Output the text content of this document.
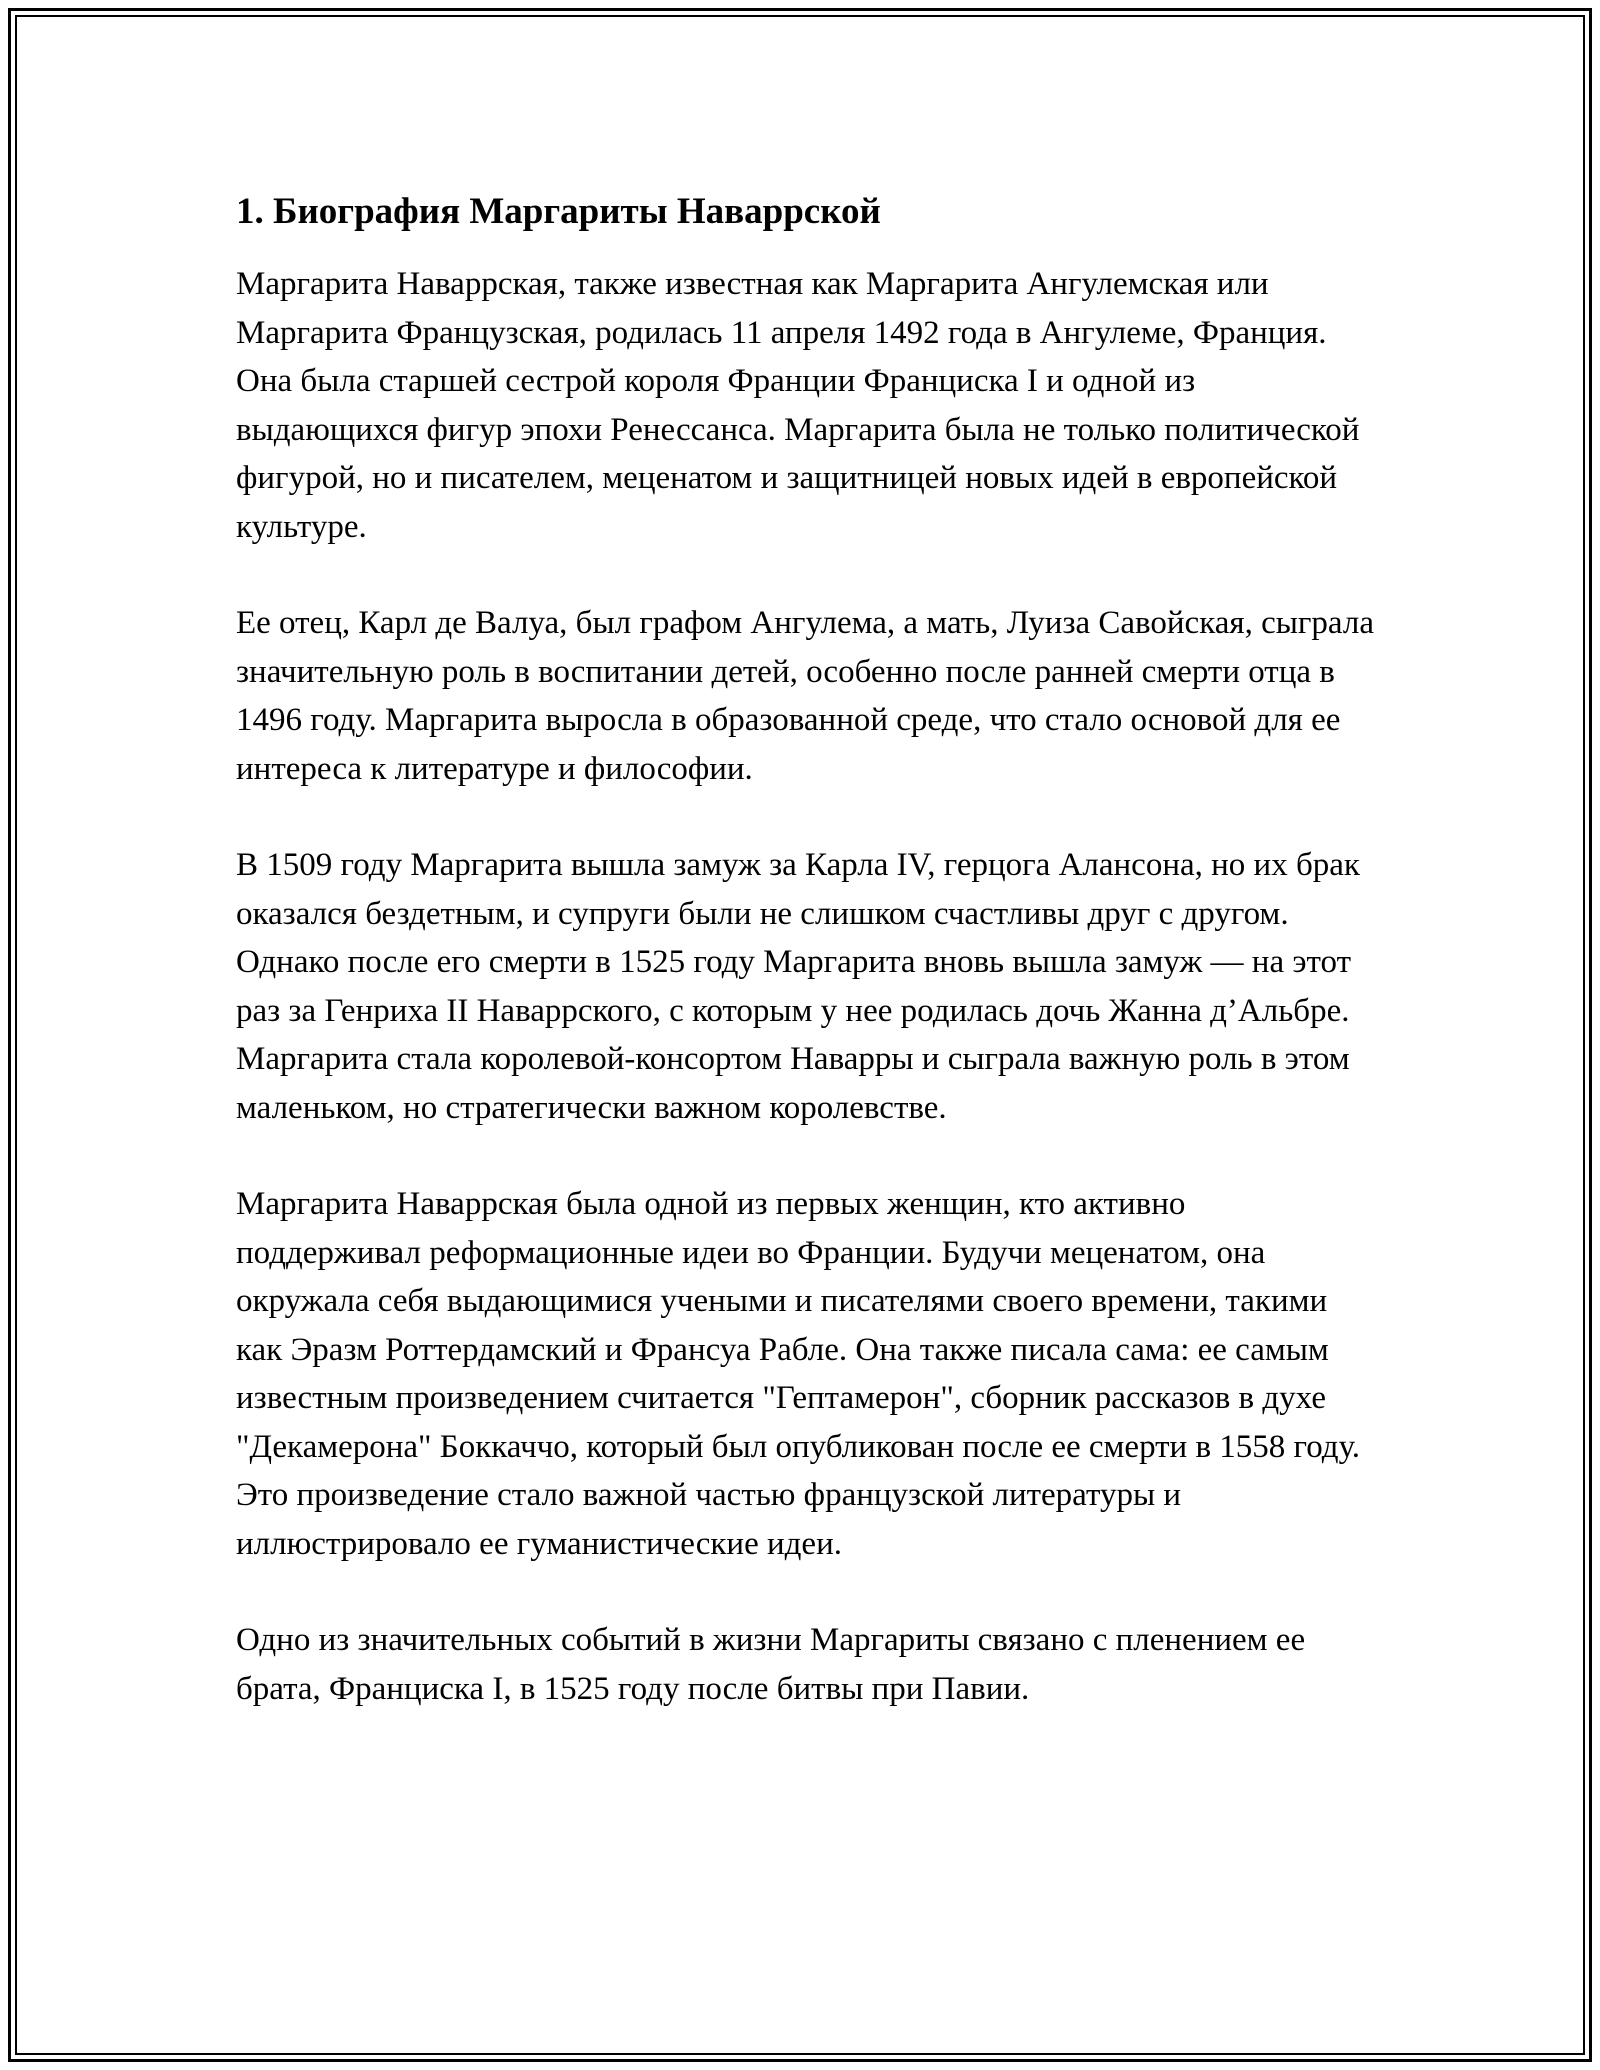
1. Биография Маргариты Наваррской

Маргарита Наваррская, также известная как Маргарита Ангулемская или Маргарита Французская, родилась 11 апреля 1492 года в Ангулеме, Франция. Она была старшей сестрой короля Франции Франциска I и одной из выдающихся фигур эпохи Ренессанса. Маргарита была не только политической фигурой, но и писателем, меценатом и защитницей новых идей в европейской культуре.

Ее отец, Карл де Валуа, был графом Ангулема, а мать, Луиза Савойская, сыграла значительную роль в воспитании детей, особенно после ранней смерти отца в 1496 году. Маргарита выросла в образованной среде, что стало основой для ее интереса к литературе и философии.

В 1509 году Маргарита вышла замуж за Карла IV, герцога Алансона, но их брак оказался бездетным, и супруги были не слишком счастливы друг с другом. Однако после его смерти в 1525 году Маргарита вновь вышла замуж — на этот раз за Генриха II Наваррского, с которым у нее родилась дочь Жанна д’Альбре. Маргарита стала королевой-консортом Наварры и сыграла важную роль в этом маленьком, но стратегически важном королевстве.

Маргарита Наваррская была одной из первых женщин, кто активно поддерживал реформационные идеи во Франции. Будучи меценатом, она окружала себя выдающимися учеными и писателями своего времени, такими как Эразм Роттердамский и Франсуа Рабле. Она также писала сама: ее самым известным произведением считается "Гептамерон", сборник рассказов в духе "Декамерона" Боккаччо, который был опубликован после ее смерти в 1558 году. Это произведение стало важной частью французской литературы и иллюстрировало ее гуманистические идеи.

Одно из значительных событий в жизни Маргариты связано с пленением ее брата, Франциска I, в 1525 году после битвы при Павии.
